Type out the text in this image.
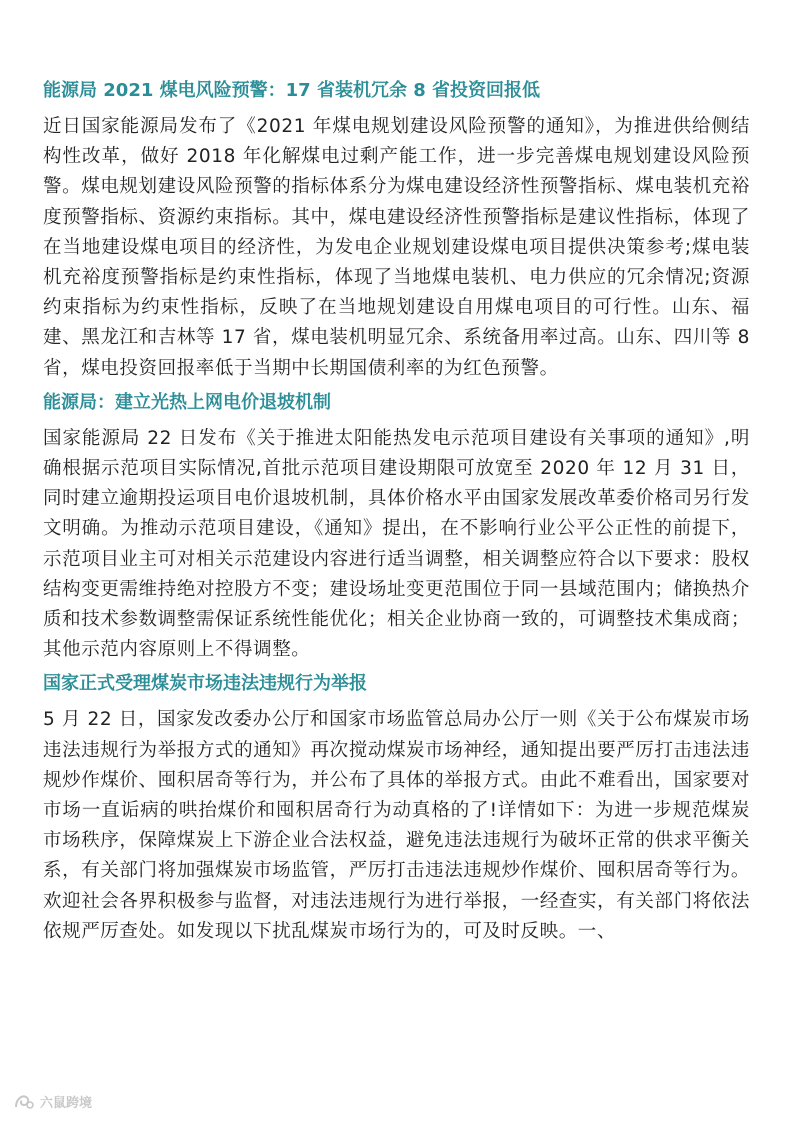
能源局 2021 煤电风险预警：17 省装机冗余 8 省投资回报低

近日国家能源局发布了《2021 年煤电规划建设风险预警的通知》，为推进供给侧结构性改革，做好 2018 年化解煤电过剩产能工作，进一步完善煤电规划建设风险预警。煤电规划建设风险预警的指标体系分为煤电建设经济性预警指标、煤电装机充裕度预警指标、资源约束指标。其中，煤电建设经济性预警指标是建议性指标，体现了在当地建设煤电项目的经济性，为发电企业规划建设煤电项目提供决策参考;煤电装机充裕度预警指标是约束性指标，体现了当地煤电装机、电力供应的冗余情况;资源约束指标为约束性指标，反映了在当地规划建设自用煤电项目的可行性。山东、福建、黑龙江和吉林等 17 省，煤电装机明显冗余、系统备用率过高。山东、四川等 8 省，煤电投资回报率低于当期中长期国债利率的为红色预警。

能源局：建立光热上网电价退坡机制

国家能源局 22 日发布《关于推进太阳能热发电示范项目建设有关事项的通知》,明确根据示范项目实际情况,首批示范项目建设期限可放宽至 2020 年 12 月 31 日，同时建立逾期投运项目电价退坡机制，具体价格水平由国家发展改革委价格司另行发文明确。为推动示范项目建设，《通知》提出，在不影响行业公平公正性的前提下，示范项目业主可对相关示范建设内容进行适当调整，相关调整应符合以下要求：股权结构变更需维持绝对控股方不变；建设场址变更范围位于同一县域范围内；储换热介质和技术参数调整需保证系统性能优化；相关企业协商一致的，可调整技术集成商；其他示范内容原则上不得调整。

国家正式受理煤炭市场违法违规行为举报

5 月 22 日，国家发改委办公厅和国家市场监管总局办公厅一则《关于公布煤炭市场违法违规行为举报方式的通知》再次搅动煤炭市场神经，通知提出要严厉打击违法违规炒作煤价、囤积居奇等行为，并公布了具体的举报方式。由此不难看出，国家要对市场一直诟病的哄抬煤价和囤积居奇行为动真格的了!详情如下：为进一步规范煤炭市场秩序，保障煤炭上下游企业合法权益，避免违法违规行为破坏正常的供求平衡关系，有关部门将加强煤炭市场监管，严厉打击违法违规炒作煤价、囤积居奇等行为。欢迎社会各界积极参与监督，对违法违规行为进行举报，一经查实，有关部门将依法依规严厉查处。如发现以下扰乱煤炭市场行为的，可及时反映。一、

六鼠跨境
